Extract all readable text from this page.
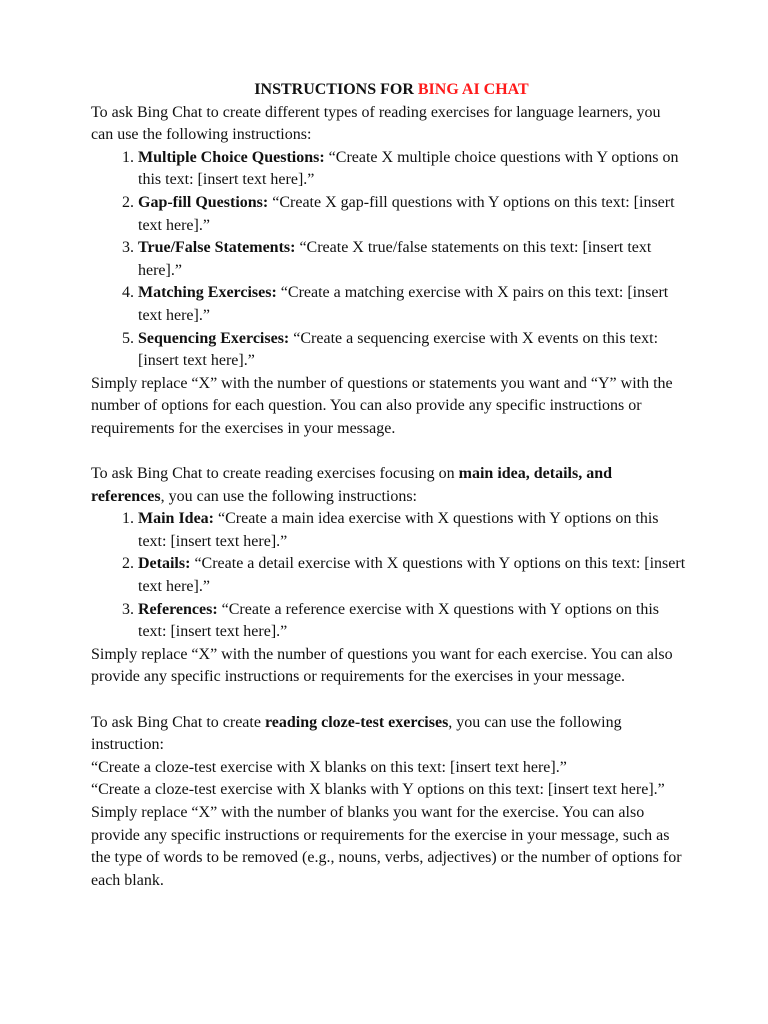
INSTRUCTIONS FOR BING AI CHAT

To ask Bing Chat to create different types of reading exercises for language learners, you can use the following instructions:

1. Multiple Choice Questions: “Create X multiple choice questions with Y options on this text: [insert text here].”
2. Gap-fill Questions: “Create X gap-fill questions with Y options on this text: [insert text here].”
3. True/False Statements: “Create X true/false statements on this text: [insert text here].”
4. Matching Exercises: “Create a matching exercise with X pairs on this text: [insert text here].”
5. Sequencing Exercises: “Create a sequencing exercise with X events on this text: [insert text here].”

Simply replace “X” with the number of questions or statements you want and “Y” with the number of options for each question. You can also provide any specific instructions or requirements for the exercises in your message.

To ask Bing Chat to create reading exercises focusing on main idea, details, and references, you can use the following instructions:

1. Main Idea: “Create a main idea exercise with X questions with Y options on this text: [insert text here].”
2. Details: “Create a detail exercise with X questions with Y options on this text: [insert text here].”
3. References: “Create a reference exercise with X questions with Y options on this text: [insert text here].”

Simply replace “X” with the number of questions you want for each exercise. You can also provide any specific instructions or requirements for the exercises in your message.

To ask Bing Chat to create reading cloze-test exercises, you can use the following instruction:

“Create a cloze-test exercise with X blanks on this text: [insert text here].”

“Create a cloze-test exercise with X blanks with Y options on this text: [insert text here].”

Simply replace “X” with the number of blanks you want for the exercise. You can also provide any specific instructions or requirements for the exercise in your message, such as the type of words to be removed (e.g., nouns, verbs, adjectives) or the number of options for each blank.
